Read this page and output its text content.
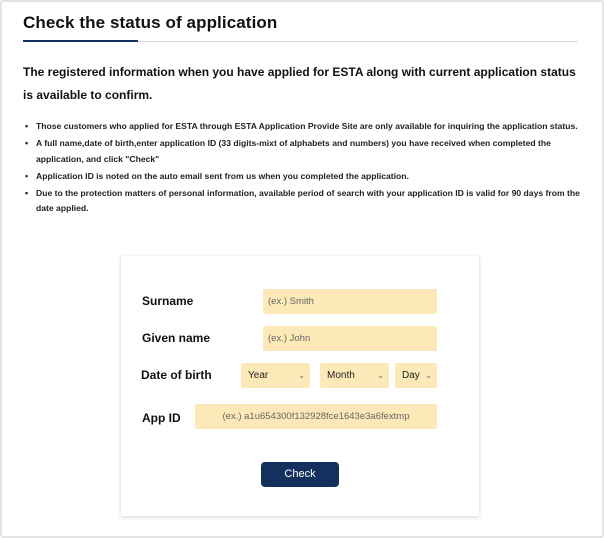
Check the status of application

The registered information when you have applied for ESTA along with current application status is available to confirm.

• Those customers who applied for ESTA through ESTA Application Provide Site are only available for inquiring the application status.
• A full name,date of birth,enter application ID (33 digits-mixt of alphabets and numbers) you have received when completed the application, and click "Check"
• Application ID is noted on the auto email sent from us when you completed the application.
• Due to the protection matters of personal information, available period of search with your application ID is valid for 90 days from the date applied.
Surname	(ex.) Smith
Given name	(ex.) John
Date of birth	Year	⌄	Month	⌄	Day ⌄
App ID	(ex.) a1u654300f132928fce1643e3a6fextmp
Check
